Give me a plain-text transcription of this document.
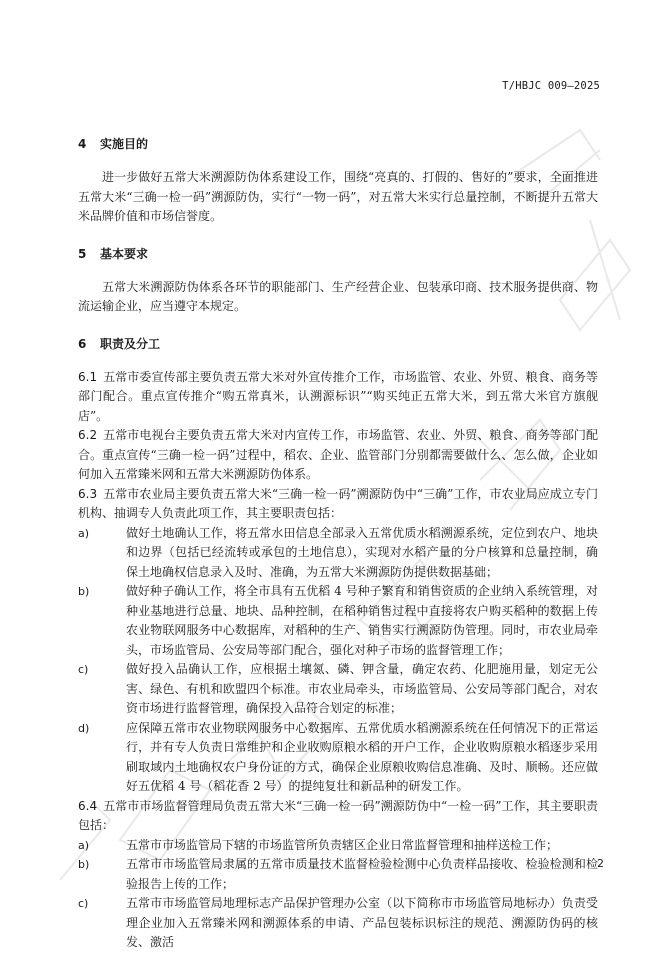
T/HBJC 009—2025
4	实施目的

进一步做好五常大米溯源防伪体系建设工作，围绕“亮真的、打假的、售好的”要求，全面推进五常大米“三确一检一码”溯源防伪，实行“一物一码”，对五常大米实行总量控制，不断提升五常大米品牌价值和市场信誉度。

5	基本要求

五常大米溯源防伪体系各环节的职能部门、生产经营企业、包装承印商、技术服务提供商、物流运输企业，应当遵守本规定。

6	职责及分工

6.1 五常市委宣传部主要负责五常大米对外宣传推介工作，市场监管、农业、外贸、粮食、商务等部门配合。重点宣传推介“购五常真米，认溯源标识”“购买纯正五常大米，到五常大米官方旗舰店”。

6.2 五常市电视台主要负责五常大米对内宣传工作，市场监管、农业、外贸、粮食、商务等部门配合。重点宣传“三确一检一码”过程中，稻农、企业、监管部门分别都需要做什么、怎么做，企业如何加入五常臻米网和五常大米溯源防伪体系。

6.3 五常市农业局主要负责五常大米“三确一检一码”溯源防伪中“三确”工作，市农业局应成立专门机构、抽调专人负责此项工作，其主要职责包括：

a)	做好土地确认工作，将五常水田信息全部录入五常优质水稻溯源系统，定位到农户、地块和边界（包括已经流转或承包的土地信息），实现对水稻产量的分户核算和总量控制，确保土地确权信息录入及时、准确，为五常大米溯源防伪提供数据基础；
b)	做好种子确认工作，将全市具有五优稻 4 号种子繁育和销售资质的企业纳入系统管理，对种业基地进行总量、地块、品种控制，在稻种销售过程中直接将农户购买稻种的数据上传农业物联网服务中心数据库，对稻种的生产、销售实行溯源防伪管理。同时，市农业局牵头，市场监管局、公安局等部门配合，强化对种子市场的监督管理工作；
c)	做好投入品确认工作，应根据土壤氮、磷、钾含量，确定农药、化肥施用量，划定无公害、绿色、有机和欧盟四个标准。市农业局牵头，市场监管局、公安局等部门配合，对农资市场进行监督管理，确保投入品符合划定的标准；
d)	应保障五常市农业物联网服务中心数据库、五常优质水稻溯源系统在任何情况下的正常运行，并有专人负责日常维护和企业收购原粮水稻的开户工作，企业收购原粮水稻逐步采用刷取域内土地确权农户身份证的方式，确保企业原粮收购信息准确、及时、顺畅。还应做好五优稻 4 号（稻花香 2 号）的提纯复壮和新品种的研发工作。

6.4 五常市市场监督管理局负责五常大米“三确一检一码”溯源防伪中“一检一码”工作，其主要职责包括：

a)	五常市市场监管局下辖的市场监管所负责辖区企业日常监督管理和抽样送检工作；
b)	五常市市场监管局隶属的五常市质量技术监督检验检测中心负责样品接收、检验检测和检验报告上传的工作；
c)	五常市市场监管局地理标志产品保护管理办公室（以下简称市市场监管局地标办）负责受理企业加入五常臻米网和溯源体系的申请、产品包装标识标注的规范、溯源防伪码的核发、激活
2
